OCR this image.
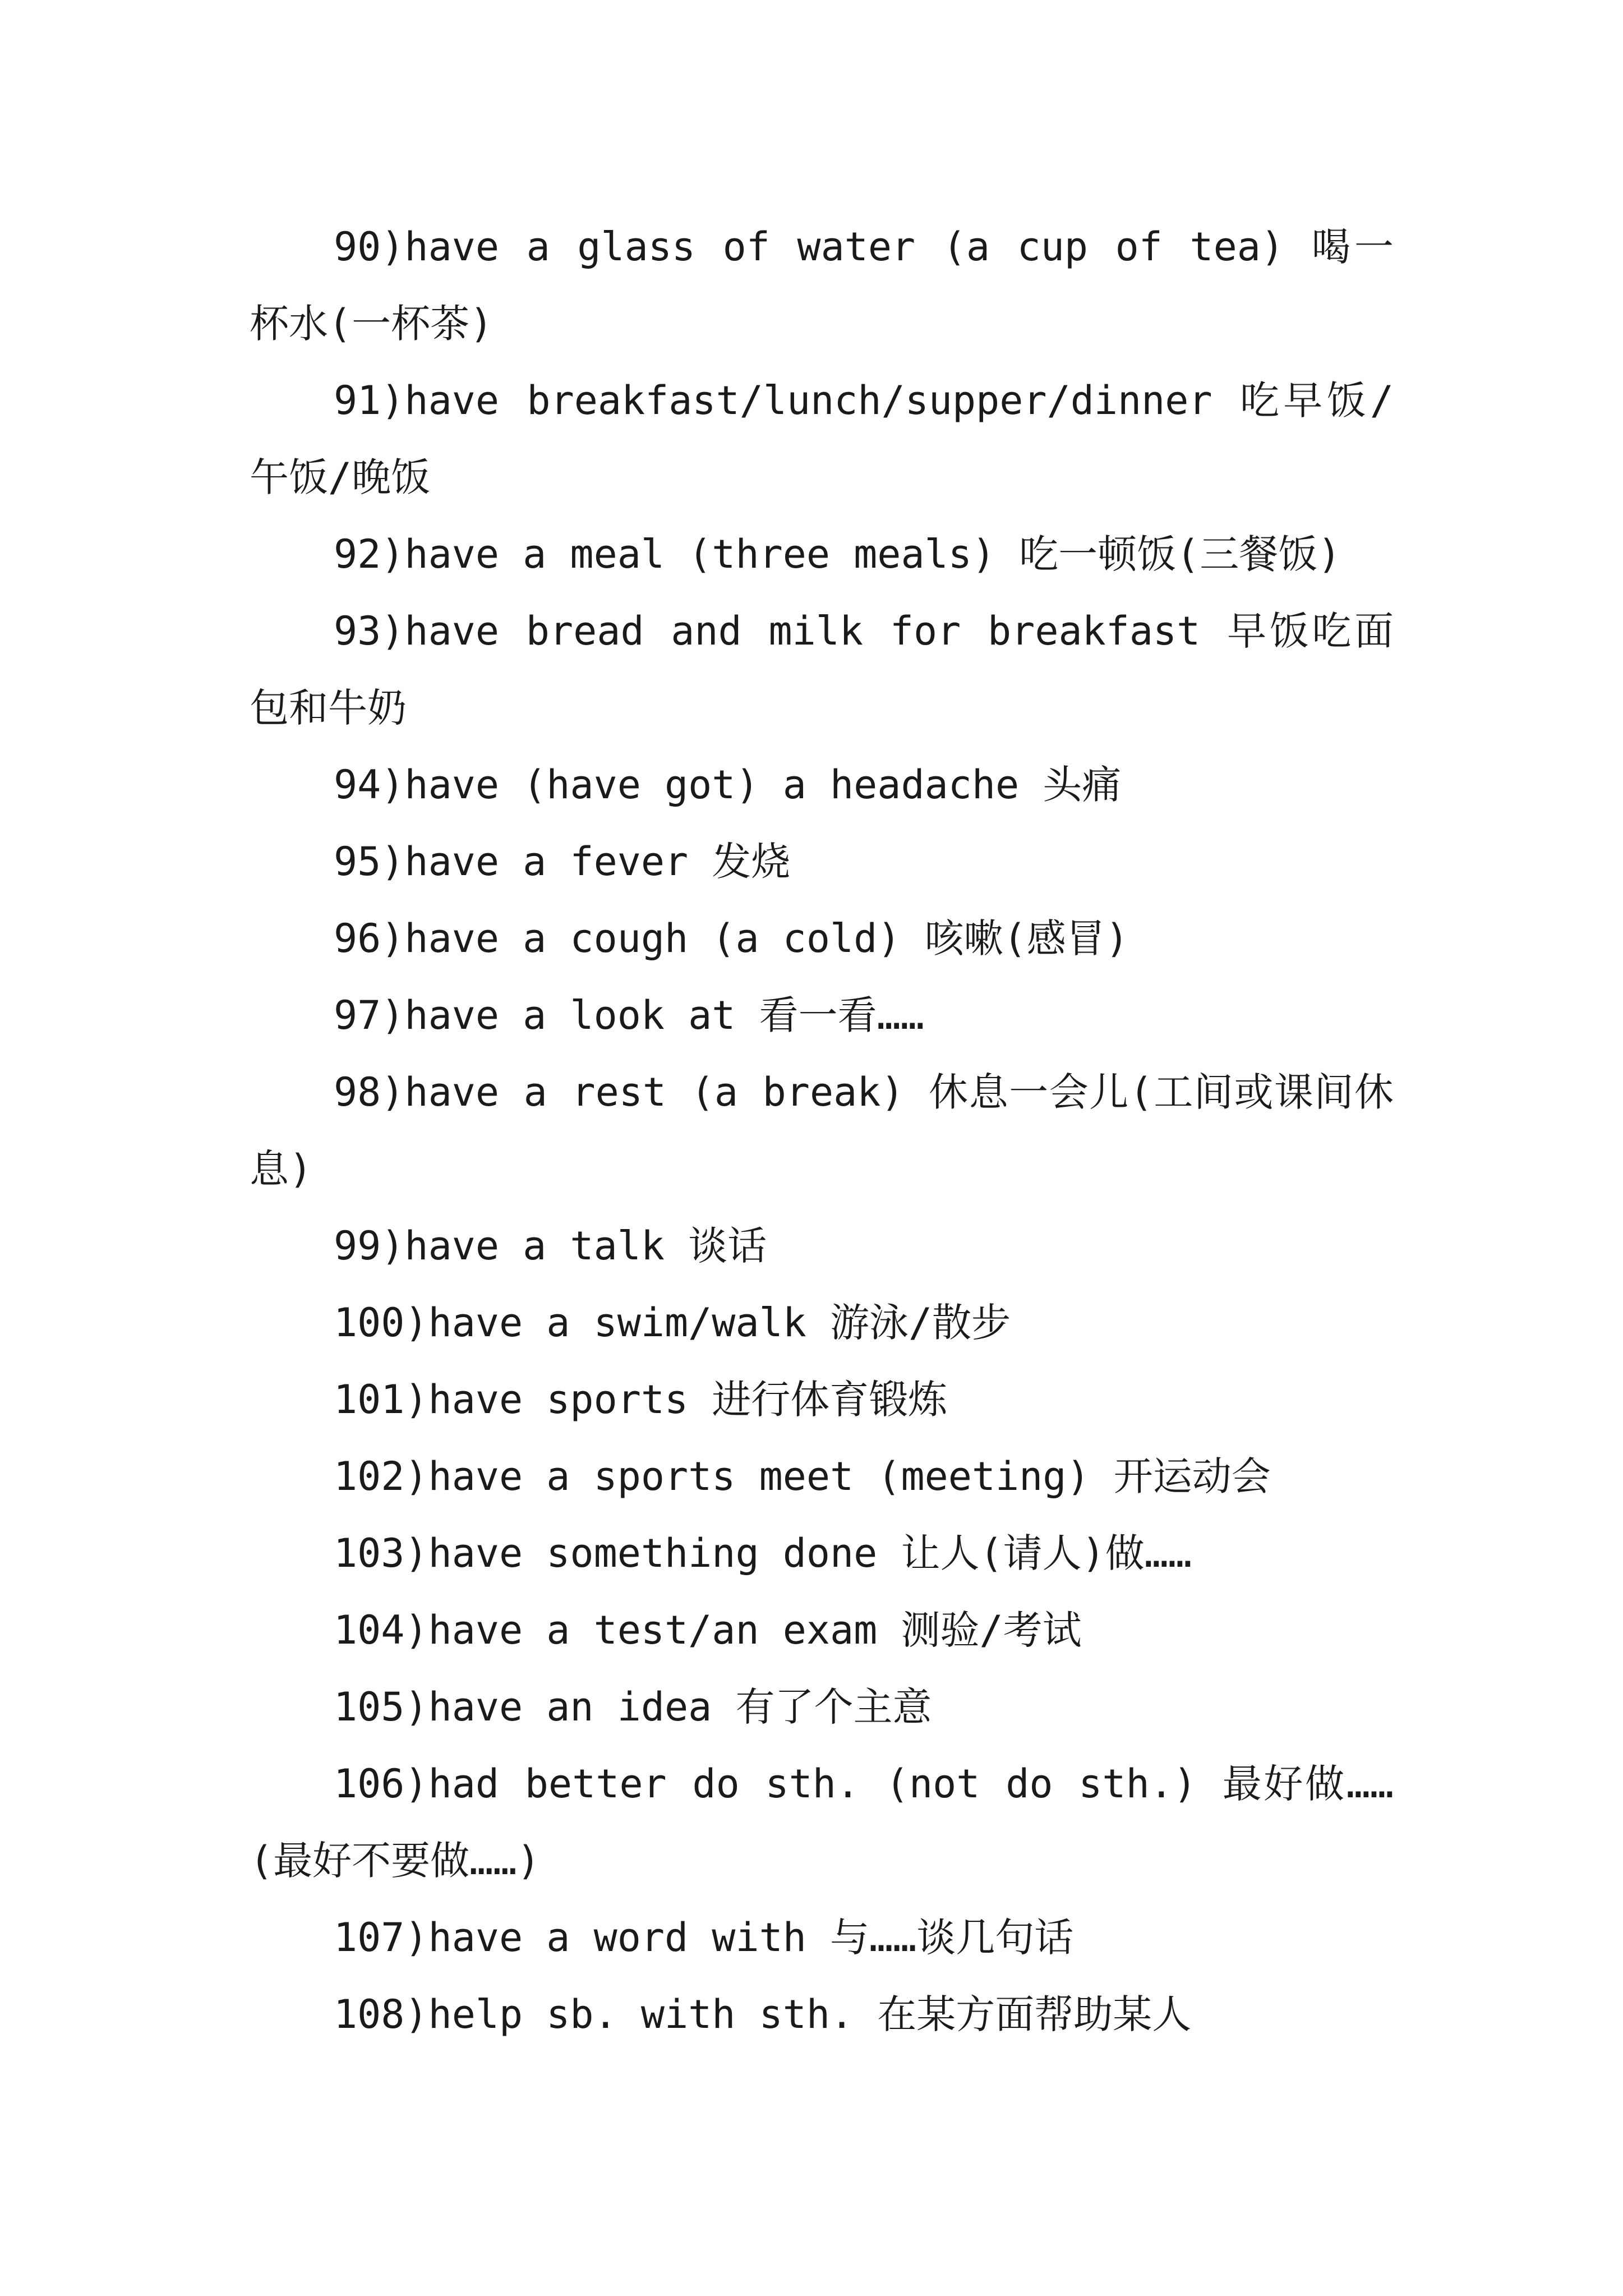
90)have a glass of water (a cup of tea) 喝一杯水(一杯茶)

91)have breakfast/lunch/supper/dinner 吃早饭/午饭/晚饭

92)have a meal (three meals) 吃一顿饭(三餐饭)

93)have bread and milk for breakfast 早饭吃面包和牛奶

94)have (have got) a headache 头痛

95)have a fever 发烧

96)have a cough (a cold) 咳嗽(感冒)

97)have a look at 看一看……

98)have a rest (a break) 休息一会儿(工间或课间休息)

99)have a talk 谈话

100)have a swim/walk 游泳/散步

101)have sports 进行体育锻炼

102)have a sports meet (meeting) 开运动会

103)have something done 让人(请人)做……

104)have a test/an exam 测验/考试

105)have an idea 有了个主意

106)had better do sth. (not do sth.) 最好做……(最好不要做……)

107)have a word with 与……谈几句话

108)help sb. with sth. 在某方面帮助某人
